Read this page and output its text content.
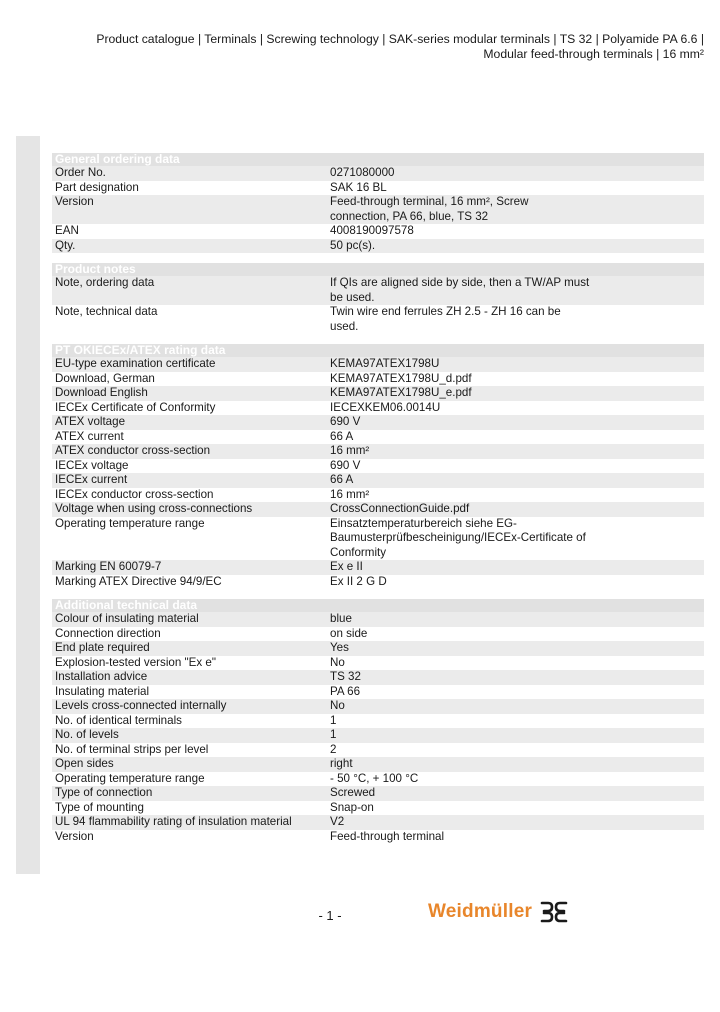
Product catalogue | Terminals | Screwing technology | SAK-series modular terminals | TS 32 | Polyamide PA 6.6 |
Modular feed-through terminals | 16 mm²
General ordering data
Order No.	0271080000
Part designation	SAK 16 BL
Version	Feed-through terminal, 16 mm², Screw
connection, PA 66, blue, TS 32
EAN	4008190097578
Qty.	50 pc(s).
Product notes
Note, ordering data	If QIs are aligned side by side, then a TW/AP must
be used.
Note, technical data	Twin wire end ferrules ZH 2.5 - ZH 16 can be
used.
PT OKIECEx/ATEX rating data
EU-type examination certificate	KEMA97ATEX1798U
Download, German	KEMA97ATEX1798U_d.pdf
Download English	KEMA97ATEX1798U_e.pdf
IECEx Certificate of Conformity	IECEXKEM06.0014U
ATEX voltage	690 V
ATEX current	66 A
ATEX conductor cross-section	16 mm²
IECEx voltage	690 V
IECEx current	66 A
IECEx conductor cross-section	16 mm²
Voltage when using cross-connections	CrossConnectionGuide.pdf
Operating temperature range	Einsatztemperaturbereich siehe EG-
Baumusterprüfbescheinigung/IECEx-Certificate of
Conformity
Marking EN 60079-7	Ex e II
Marking ATEX Directive 94/9/EC	Ex II 2 G D
Additional technical data
Colour of insulating material	blue
Connection direction	on side
End plate required	Yes
Explosion-tested version "Ex e"	No
Installation advice	TS 32
Insulating material	PA 66
Levels cross-connected internally	No
No. of identical terminals	1
No. of levels	1
No. of terminal strips per level	2
Open sides	right
Operating temperature range	- 50 °C, + 100 °C
Type of connection	Screwed
Type of mounting	Snap-on
UL 94 flammability rating of insulation material	V2
Version	Feed-through terminal
- 1 -	Weidmüller
